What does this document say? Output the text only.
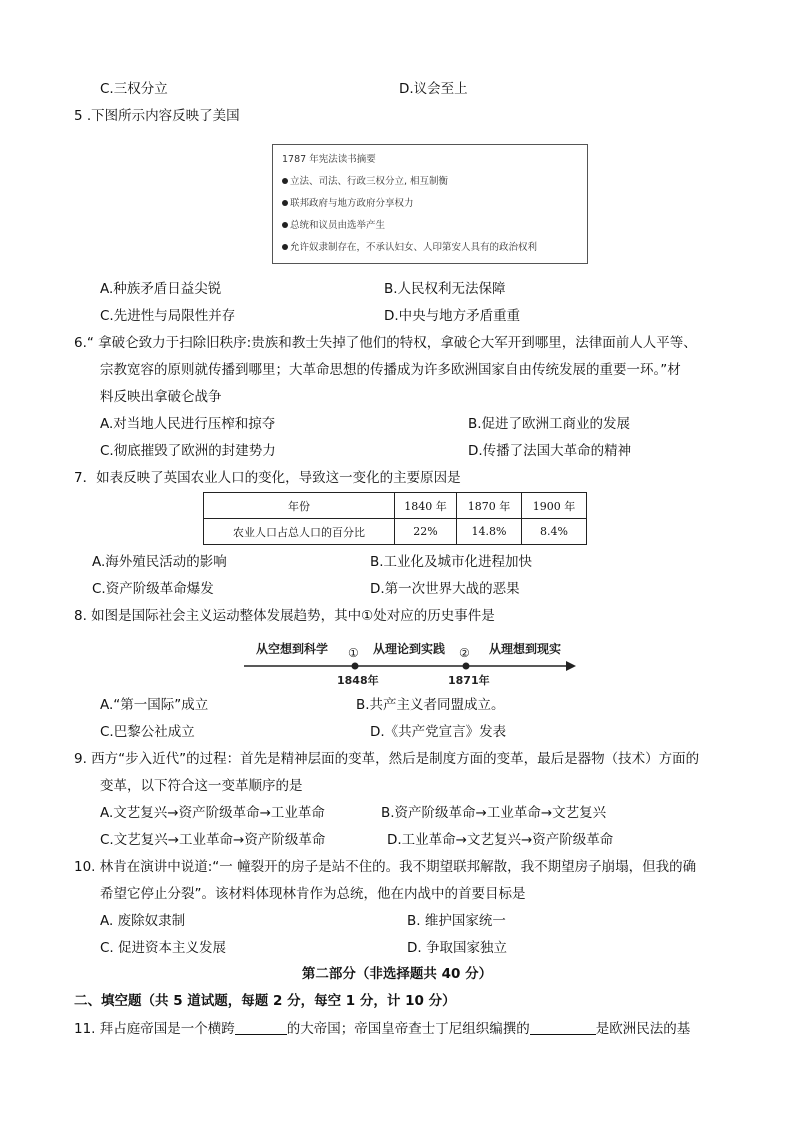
C.三权分立	D.议会至上
5 .下图所示内容反映了美国
1787 年宪法读书摘要
立法、司法、行政三权分立, 相互制衡
联邦政府与地方政府分享权力
总统和议员由选举产生
允许奴隶制存在，不承认妇女、人印第安人具有的政治权利
A.种族矛盾日益尖锐	B.人民权利无法保障
C.先进性与局限性并存	D.中央与地方矛盾重重
6.“ 拿破仑致力于扫除旧秩序:贵族和教士失掉了他们的特权，拿破仑大军开到哪里，法律面前人人平等、
宗教宽容的原则就传播到哪里；大革命思想的传播成为许多欧洲国家自由传统发展的重要一环。”材
料反映出拿破仑战争
A.对当地人民进行压榨和掠夺	B.促进了欧洲工商业的发展
C.彻底摧毁了欧洲的封建势力	D.传播了法国大革命的精神
7．如表反映了英国农业人口的变化，导致这一变化的主要原因是
年份	1840 年	1870 年	1900 年
农业人口占总人口的百分比	22%	14.8%	8.4%
A.海外殖民活动的影响	B.工业化及城市化进程加快
C.资产阶级革命爆发	D.第一次世界大战的恶果
8. 如图是国际社会主义运动整体发展趋势，其中①处对应的历史事件是
从空想到科学	从理论到实践	从理想到现实
①	②
1848年	1871年
A.“第一国际”成立	B.共产主义者同盟成立。
C.巴黎公社成立	D.《共产党宣言》发表
9. 西方“步入近代”的过程：首先是精神层面的变革，然后是制度方面的变革，最后是器物（技术）方面的
变革，以下符合这一变革顺序的是
A.文艺复兴→资产阶级革命→工业革命	B.资产阶级革命→工业革命→文艺复兴
C.文艺复兴→工业革命→资产阶级革命	D.工业革命→文艺复兴→资产阶级革命
10. 林肯在演讲中说道:“一 幢裂开的房子是站不住的。我不期望联邦解散，我不期望房子崩塌，但我的确
希望它停止分裂”。该材料体现林肯作为总统，他在内战中的首要目标是
A. 废除奴隶制	B. 维护国家统一
C. 促进资本主义发展	D. 争取国家独立
第二部分（非选择题共 40 分）
二、填空题（共 5 道试题，每题 2 分，每空 1 分，计 10 分）
11. 拜占庭帝国是一个横跨	的大帝国；帝国皇帝查士丁尼组织编撰的	是欧洲民法的基
